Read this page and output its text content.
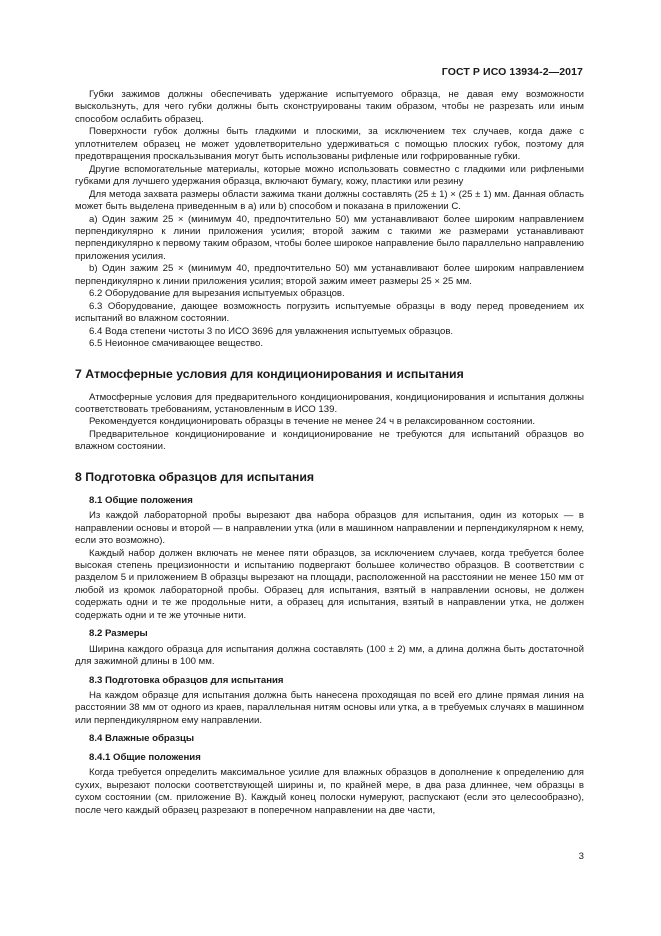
ГОСТ Р ИСО 13934-2—2017

Губки зажимов должны обеспечивать удержание испытуемого образца, не давая ему возможности выскользнуть, для чего губки должны быть сконструированы таким образом, чтобы не разрезать или иным способом ослабить образец.

Поверхности губок должны быть гладкими и плоскими, за исключением тех случаев, когда даже с уплотнителем образец не может удовлетворительно удерживаться с помощью плоских губок, поэтому для предотвращения проскальзывания могут быть использованы рифленые или гофрированные губки.

Другие вспомогательные материалы, которые можно использовать совместно с гладкими или рифлеными губками для лучшего удержания образца, включают бумагу, кожу, пластики или резину

Для метода захвата размеры области зажима ткани должны составлять (25 ± 1) × (25 ± 1) мм. Данная область может быть выделена приведенным в a) или b) способом и показана в приложении C.

a) Один зажим 25 × (минимум 40, предпочтительно 50) мм устанавливают более широким направлением перпендикулярно к линии приложения усилия; второй зажим с такими же размерами устанавливают перпендикулярно к первому таким образом, чтобы более широкое направление было параллельно направлению приложения усилия.

b) Один зажим 25 × (минимум 40, предпочтительно 50) мм устанавливают более широким направлением перпендикулярно к линии приложения усилия; второй зажим имеет размеры 25 × 25 мм.

6.2 Оборудование для вырезания испытуемых образцов.

6.3 Оборудование, дающее возможность погрузить испытуемые образцы в воду перед проведением их испытаний во влажном состоянии.

6.4 Вода степени чистоты 3 по ИСО 3696 для увлажнения испытуемых образцов.

6.5 Неионное смачивающее вещество.

7 Атмосферные условия для кондиционирования и испытания

Атмосферные условия для предварительного кондиционирования, кондиционирования и испытания должны соответствовать требованиям, установленным в ИСО 139.

Рекомендуется кондиционировать образцы в течение не менее 24 ч в релаксированном состоянии.

Предварительное кондиционирование и кондиционирование не требуются для испытаний образцов во влажном состоянии.

8 Подготовка образцов для испытания
8.1 Общие положения

Из каждой лабораторной пробы вырезают два набора образцов для испытания, один из которых — в направлении основы и второй — в направлении утка (или в машинном направлении и перпендикулярном к нему, если это возможно).

Каждый набор должен включать не менее пяти образцов, за исключением случаев, когда требуется более высокая степень прецизионности и испытанию подвергают большее количество образцов. В соответствии с разделом 5 и приложением B образцы вырезают на площади, расположенной на расстоянии не менее 150 мм от любой из кромок лабораторной пробы. Образец для испытания, взятый в направлении основы, не должен содержать одни и те же продольные нити, а образец для испытания, взятый в направлении утка, не должен содержать одни и те же уточные нити.

8.2 Размеры

Ширина каждого образца для испытания должна составлять (100 ± 2) мм, а длина должна быть достаточной для зажимной длины в 100 мм.

8.3 Подготовка образцов для испытания

На каждом образце для испытания должна быть нанесена проходящая по всей его длине прямая линия на расстоянии 38 мм от одного из краев, параллельная нитям основы или утка, а в требуемых случаях в машинном или перпендикулярном ему направлении.

8.4 Влажные образцы
8.4.1 Общие положения

Когда требуется определить максимальное усилие для влажных образцов в дополнение к определению для сухих, вырезают полоски соответствующей ширины и, по крайней мере, в два раза длиннее, чем образцы в сухом состоянии (см. приложение B). Каждый конец полоски нумеруют, распускают (если это целесообразно), после чего каждый образец разрезают в поперечном направлении на две части,

3
